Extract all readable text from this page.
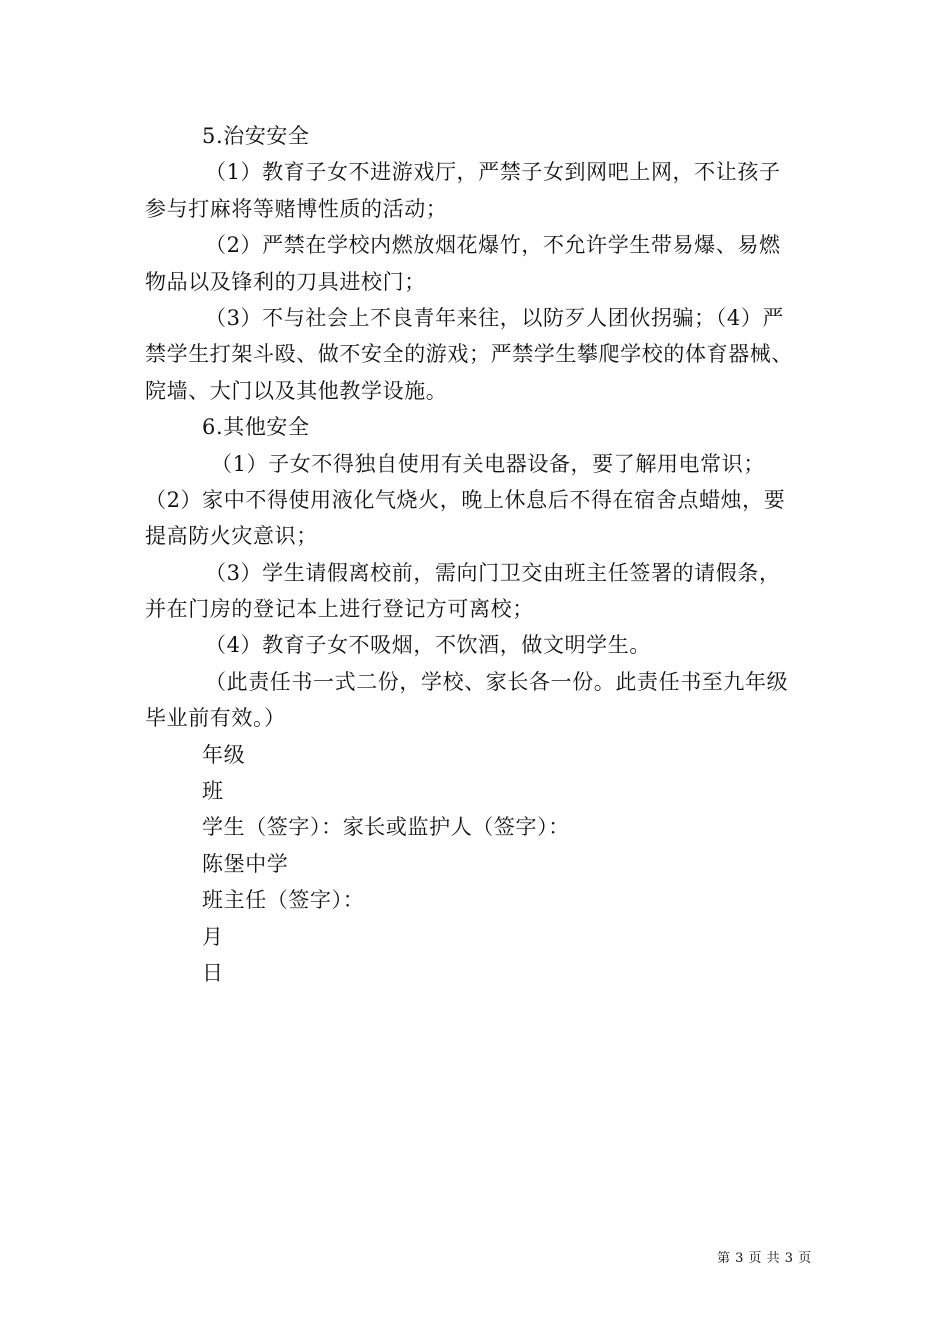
5.治安安全
（1）教育子女不进游戏厅，严禁子女到网吧上网，不让孩子
参与打麻将等赌博性质的活动；
（2）严禁在学校内燃放烟花爆竹，不允许学生带易爆、易燃
物品以及锋利的刀具进校门；
（3）不与社会上不良青年来往，以防歹人团伙拐骗；（4）严
禁学生打架斗殴、做不安全的游戏；严禁学生攀爬学校的体育器械、
院墙、大门以及其他教学设施。
6.其他安全
（1）子女不得独自使用有关电器设备，要了解用电常识；
（2）家中不得使用液化气烧火，晚上休息后不得在宿舍点蜡烛，要
提高防火灾意识；
（3）学生请假离校前，需向门卫交由班主任签署的请假条，
并在门房的登记本上进行登记方可离校；
（4）教育子女不吸烟，不饮酒，做文明学生。
（此责任书一式二份，学校、家长各一份。此责任书至九年级
毕业前有效。）
年级
班
学生（签字）：家长或监护人（签字）：
陈堡中学
班主任（签字）：
月
日
第 3 页 共 3 页
